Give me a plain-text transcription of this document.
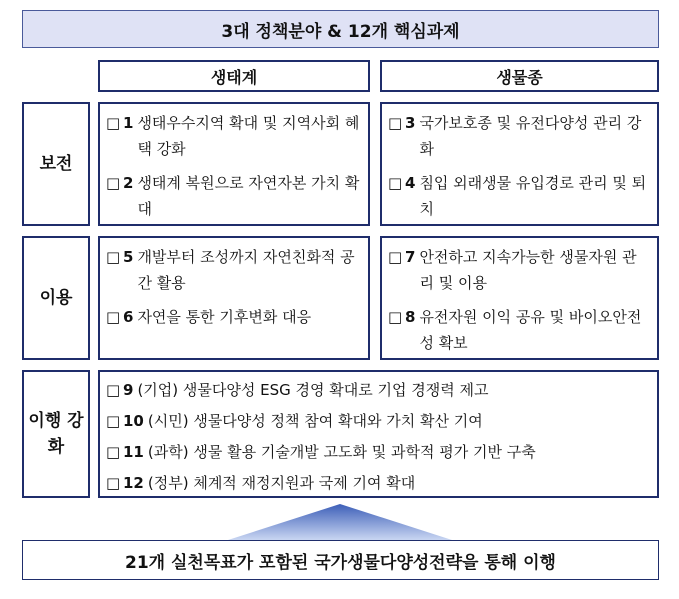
3대 정책분야 & 12개 핵심과제
생태계	생물종
보전
□ 1 생태우수지역 확대 및 지역사회 혜택 강화
□ 2 생태계 복원으로 자연자본 가치 확대
□ 3 국가보호종 및 유전다양성 관리 강화
□ 4 침입 외래생물 유입경로 관리 및 퇴치
이용
□ 5 개발부터 조성까지 자연친화적 공간 활용
□ 6 자연을 통한 기후변화 대응
□ 7 안전하고 지속가능한 생물자원 관리 및 이용
□ 8 유전자원 이익 공유 및 바이오안전성 확보
이행 강화
□ 9 (기업) 생물다양성 ESG 경영 확대로 기업 경쟁력 제고
□ 10 (시민) 생물다양성 정책 참여 확대와 가치 확산 기여
□ 11 (과학) 생물 활용 기술개발 고도화 및 과학적 평가 기반 구축
□ 12 (정부) 체계적 재정지원과 국제 기여 확대
21개 실천목표가 포함된 국가생물다양성전략을 통해 이행
